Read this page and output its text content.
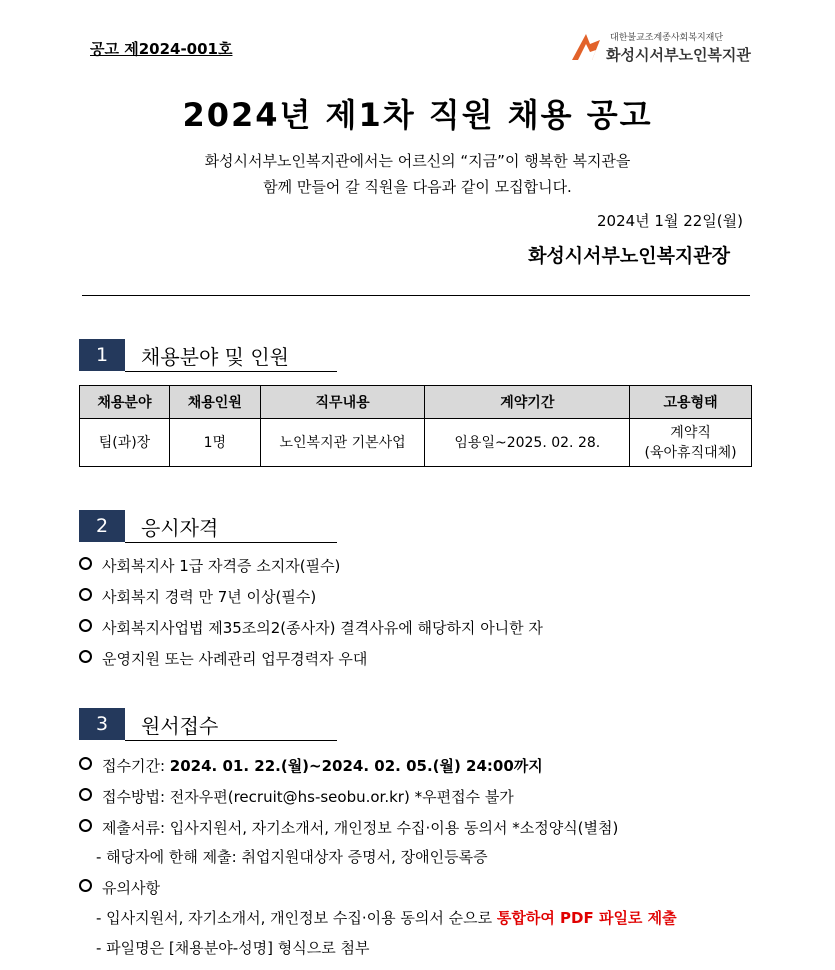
공고 제2024-001호
대한불교조계종사회복지재단
화성시서부노인복지관
2024년 제1차 직원 채용 공고
화성시서부노인복지관에서는 어르신의 “지금”이 행복한 복지관을
함께 만들어 갈 직원을 다음과 같이 모집합니다.
2024년 1월 22일(월)
화성시서부노인복지관장
1	채용분야 및 인원
채용분야	채용인원	직무내용	계약기간	고용형태
팀(과)장	1명	노인복지관 기본사업	임용일~2025. 02. 28.	계약직
(육아휴직대체)
2	응시자격
사회복지사 1급 자격증 소지자(필수)
사회복지 경력 만 7년 이상(필수)
사회복지사업법 제35조의2(종사자) 결격사유에 해당하지 아니한 자
운영지원 또는 사례관리 업무경력자 우대
3	원서접수
접수기간: 2024. 01. 22.(월)~2024. 02. 05.(월) 24:00까지
접수방법: 전자우편(recruit@hs-seobu.or.kr) *우편접수 불가
제출서류: 입사지원서, 자기소개서, 개인정보 수집·이용 동의서 *소정양식(별첨)
- 해당자에 한해 제출: 취업지원대상자 증명서, 장애인등록증
유의사항
- 입사지원서, 자기소개서, 개인정보 수집·이용 동의서 순으로 통합하여 PDF 파일로 제출
- 파일명은 [채용분야-성명] 형식으로 첨부
